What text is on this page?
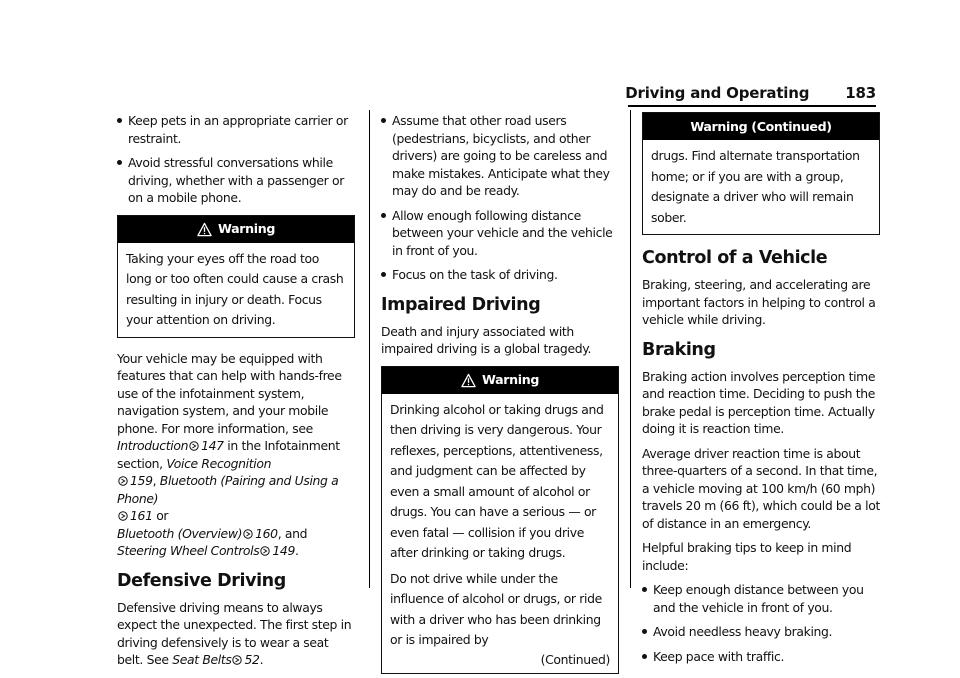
Driving and Operating 183
Keep pets in an appropriate carrier or restraint.
Avoid stressful conversations while driving, whether with a passenger or on a mobile phone.
Warning
Taking your eyes off the road too long or too often could cause a crash resulting in injury or death. Focus your attention on driving.

Your vehicle may be equipped with features that can help with hands-free use of the infotainment system, navigation system, and your mobile phone. For more information, see Introduction 147 in the Infotainment section, Voice Recognition
159, Bluetooth (Pairing and Using a Phone)
161 or
Bluetooth (Overview) 160, and Steering Wheel Controls 149.

Defensive Driving

Defensive driving means to always expect the unexpected. The first step in driving defensively is to wear a seat belt. See Seat Belts 52.

Assume that other road users (pedestrians, bicyclists, and other drivers) are going to be careless and make mistakes. Anticipate what they may do and be ready.
Allow enough following distance between your vehicle and the vehicle in front of you.
Focus on the task of driving.
Impaired Driving

Death and injury associated with impaired driving is a global tragedy.

Warning

Drinking alcohol or taking drugs and then driving is very dangerous. Your reflexes, perceptions, attentiveness, and judgment can be affected by even a small amount of alcohol or drugs. You can have a serious — or even fatal — collision if you drive after drinking or taking drugs.

Do not drive while under the influence of alcohol or drugs, or ride with a driver who has been drinking or is impaired by

(Continued)
Warning (Continued)
drugs. Find alternate transportation home; or if you are with a group, designate a driver who will remain sober.
Control of a Vehicle

Braking, steering, and accelerating are important factors in helping to control a vehicle while driving.

Braking

Braking action involves perception time and reaction time. Deciding to push the brake pedal is perception time. Actually doing it is reaction time.

Average driver reaction time is about three-quarters of a second. In that time, a vehicle moving at 100 km/h (60 mph) travels 20 m (66 ft), which could be a lot of distance in an emergency.

Helpful braking tips to keep in mind include:

Keep enough distance between you and the vehicle in front of you.
Avoid needless heavy braking.
Keep pace with traffic.
